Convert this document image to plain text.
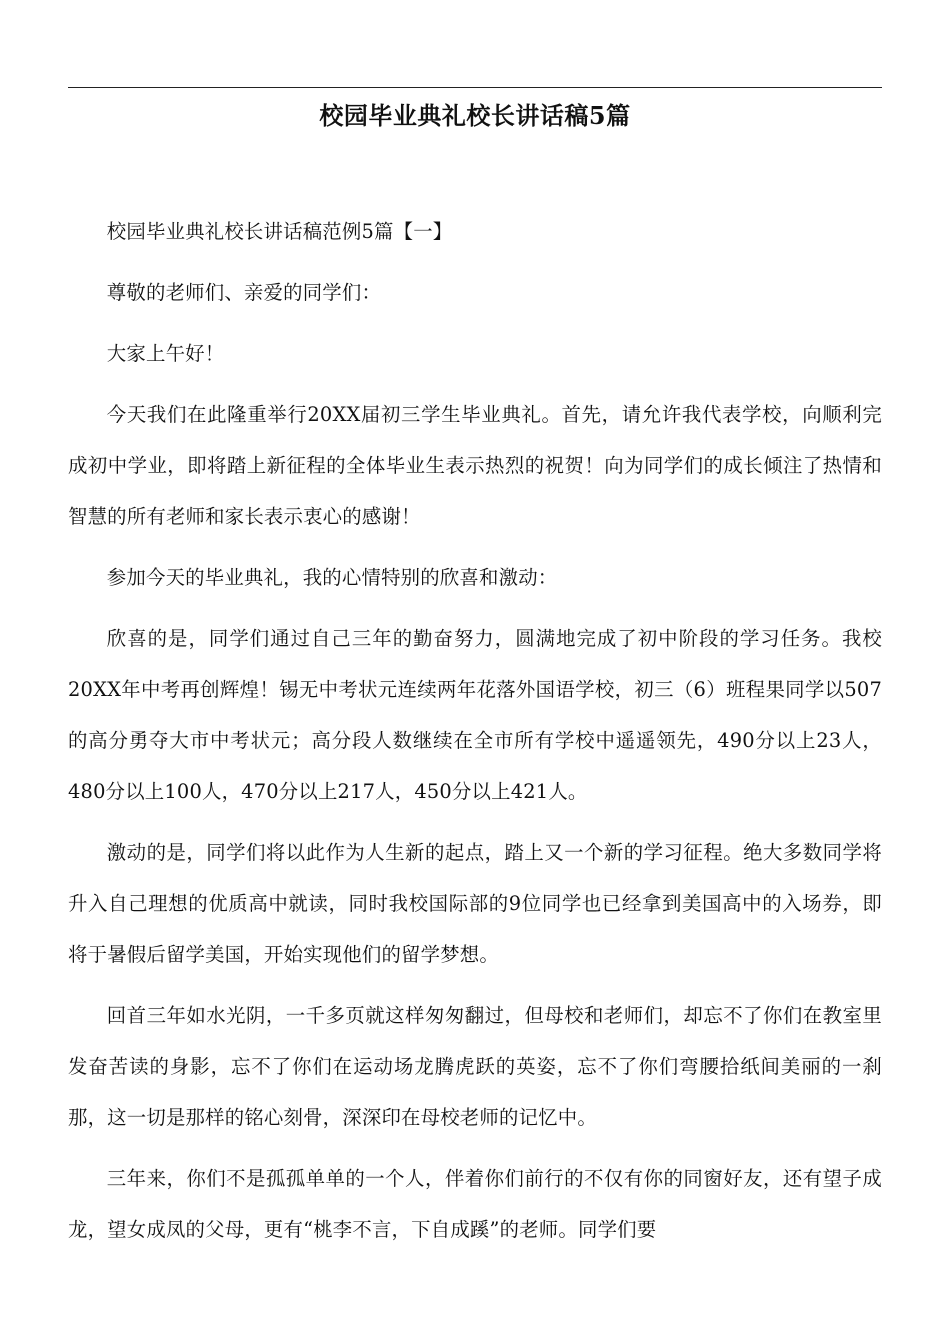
校园毕业典礼校长讲话稿5篇

校园毕业典礼校长讲话稿范例5篇【一】

尊敬的老师们、亲爱的同学们：

大家上午好！

今天我们在此隆重举行20XX届初三学生毕业典礼。首先，请允许我代表学校，向顺利完成初中学业，即将踏上新征程的全体毕业生表示热烈的祝贺！向为同学们的成长倾注了热情和智慧的所有老师和家长表示衷心的感谢！

参加今天的毕业典礼，我的心情特别的欣喜和激动：

欣喜的是，同学们通过自己三年的勤奋努力，圆满地完成了初中阶段的学习任务。我校20XX年中考再创辉煌！锡无中考状元连续两年花落外国语学校，初三（6）班程果同学以507的高分勇夺大市中考状元；高分段人数继续在全市所有学校中遥遥领先，490分以上23人，480分以上100人，470分以上217人，450分以上421人。

激动的是，同学们将以此作为人生新的起点，踏上又一个新的学习征程。绝大多数同学将升入自己理想的优质高中就读，同时我校国际部的9位同学也已经拿到美国高中的入场券，即将于暑假后留学美国，开始实现他们的留学梦想。

回首三年如水光阴，一千多页就这样匆匆翻过，但母校和老师们，却忘不了你们在教室里发奋苦读的身影，忘不了你们在运动场龙腾虎跃的英姿，忘不了你们弯腰拾纸间美丽的一刹那，这一切是那样的铭心刻骨，深深印在母校老师的记忆中。

三年来，你们不是孤孤单单的一个人，伴着你们前行的不仅有你的同窗好友，还有望子成龙，望女成凤的父母，更有“桃李不言，下自成蹊”的老师。同学们要
